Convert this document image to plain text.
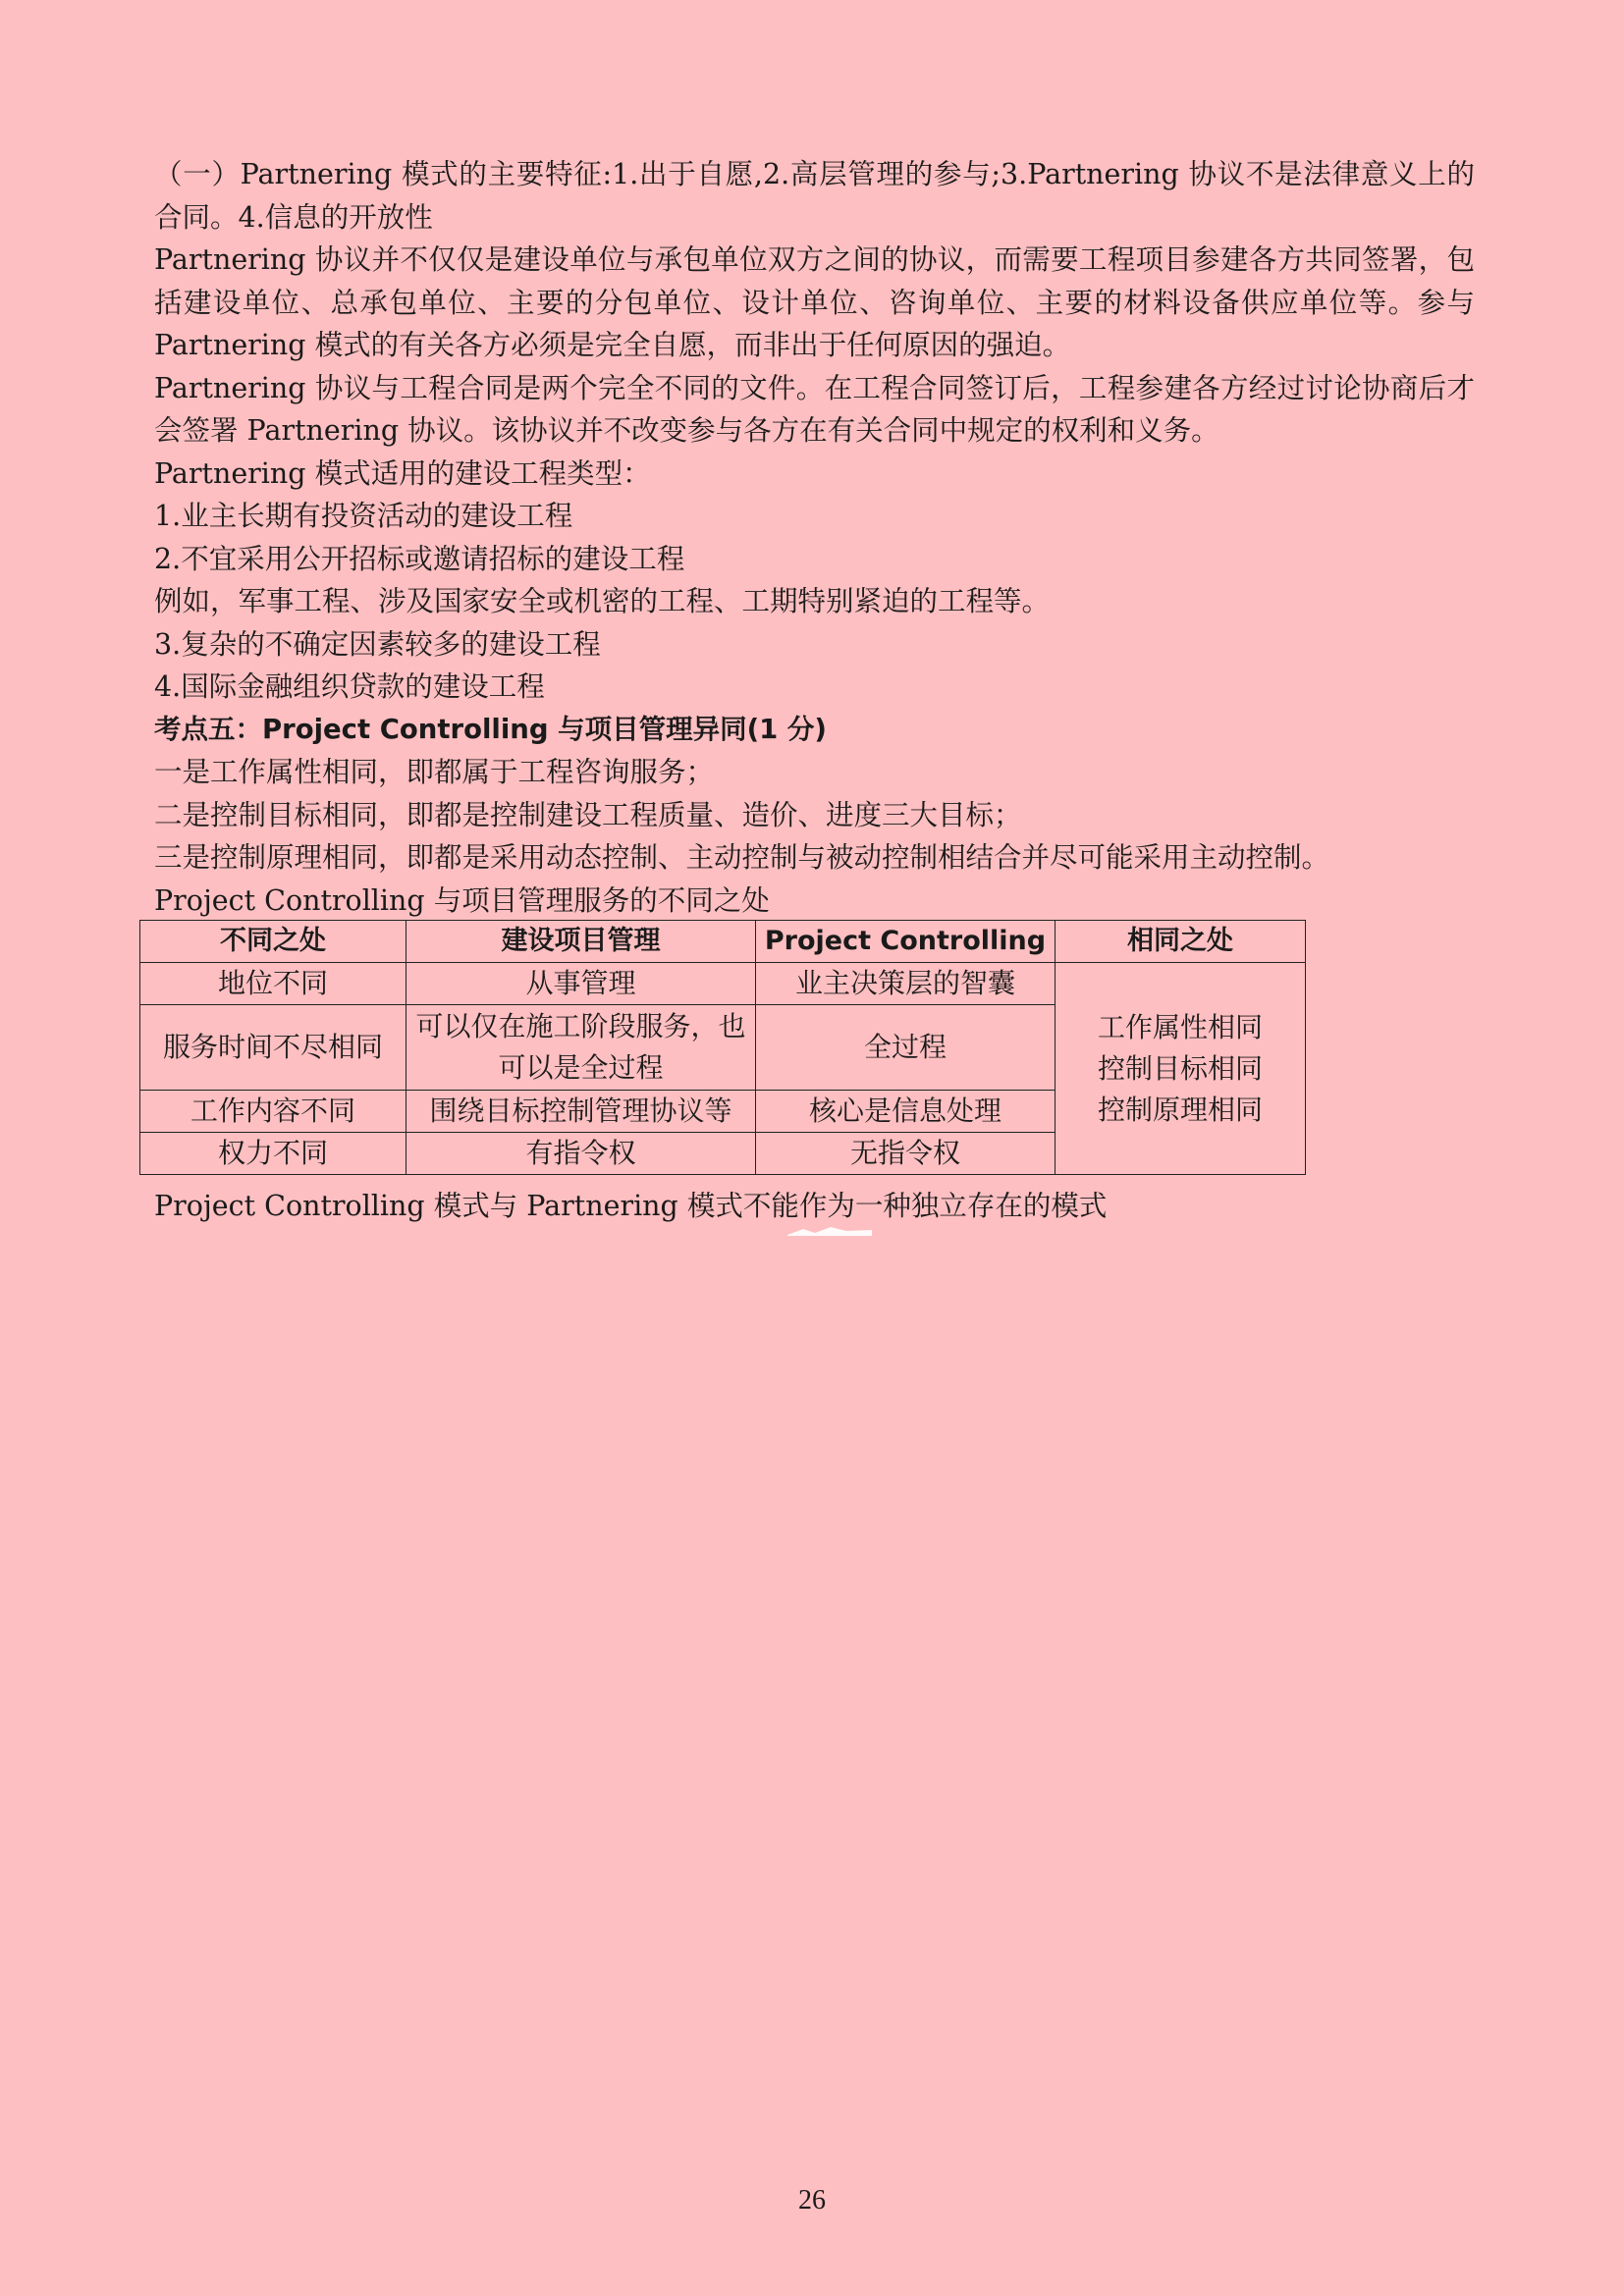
（一）Partnering 模式的主要特征:1.出于自愿,2.高层管理的参与;3.Partnering 协议不是法律意义上的合同。4.信息的开放性

Partnering 协议并不仅仅是建设单位与承包单位双方之间的协议，而需要工程项目参建各方共同签署，包括建设单位、总承包单位、主要的分包单位、设计单位、咨询单位、主要的材料设备供应单位等。参与 Partnering 模式的有关各方必须是完全自愿，而非出于任何原因的强迫。

Partnering 协议与工程合同是两个完全不同的文件。在工程合同签订后，工程参建各方经过讨论协商后才会签署 Partnering 协议。该协议并不改变参与各方在有关合同中规定的权利和义务。

Partnering 模式适用的建设工程类型：

1.业主长期有投资活动的建设工程

2.不宜采用公开招标或邀请招标的建设工程

例如，军事工程、涉及国家安全或机密的工程、工期特别紧迫的工程等。

3.复杂的不确定因素较多的建设工程

4.国际金融组织贷款的建设工程

考点五：Project Controlling 与项目管理异同(1 分)

一是工作属性相同，即都属于工程咨询服务；

二是控制目标相同，即都是控制建设工程质量、造价、进度三大目标；

三是控制原理相同，即都是采用动态控制、主动控制与被动控制相结合并尽可能采用主动控制。

Project Controlling 与项目管理服务的不同之处

不同之处	建设项目管理	Project Controlling	相同之处
地位不同	从事管理	业主决策层的智囊	工作属性相同
控制目标相同
控制原理相同

服务时间不尽相同	可以仅在施工阶段服务，也可以是全过程	全过程	
工作内容不同	围绕目标控制管理协议等	核心是信息处理	
权力不同	有指令权	无指令权	

Project Controlling 模式与 Partnering 模式不能作为一种独立存在的模式

26
